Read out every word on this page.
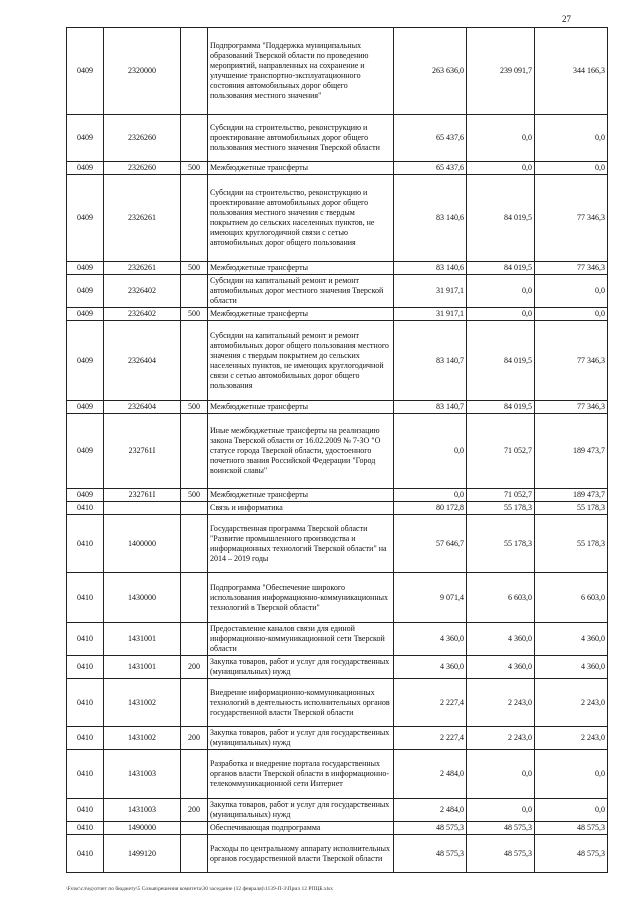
27
0409	2320000		Подпрограмма "Поддержка муниципальных образований Тверской области по проведению мероприятий, направленных на сохранение и улучшение транспортно-эксплуатационного состояния автомобильных дорог общего пользования местного значения"	263 636,0	239 091,7	344 166,3
0409	2326260		Субсидии на строительство, реконструкцию и проектирование автомобильных дорог общего пользования местного значения Тверской области	65 437,6	0,0	0,0
0409	2326260	500	Межбюджетные трансферты	65 437,6	0,0	0,0
0409	2326261		Субсидии на строительство, реконструкцию и проектирование автомобильных дорог общего пользования местного значения с твердым покрытием до сельских населенных пунктов, не имеющих круглогодичной связи с сетью автомобильных дорог общего пользования	83 140,6	84 019,5	77 346,3
0409	2326261	500	Межбюджетные трансферты	83 140,6	84 019,5	77 346,3
0409	2326402		Субсидии на капитальный ремонт и ремонт автомобильных дорог местного значения Тверской области	31 917,1	0,0	0,0
0409	2326402	500	Межбюджетные трансферты	31 917,1	0,0	0,0
0409	2326404		Субсидии на капитальный ремонт и ремонт автомобильных дорог общего пользования местного значения с твердым покрытием до сельских населенных пунктов, не имеющих круглогодичной связи с сетью автомобильных дорог общего пользования	83 140,7	84 019,5	77 346,3
0409	2326404	500	Межбюджетные трансферты	83 140,7	84 019,5	77 346,3
0409	232761I		Иные межбюджетные трансферты на реализацию закона Тверской области от 16.02.2009 № 7-ЗО "О статусе города Тверской области, удостоенного почетного звания Российской Федерации "Город воинской славы"	0,0	71 052,7	189 473,7
0409	232761I	500	Межбюджетные трансферты	0,0	71 052,7	189 473,7
0410			Связь и информатика	80 172,8	55 178,3	55 178,3
0410	1400000		Государственная программа Тверской области "Развитие промышленного производства и информационных технологий Тверской области" на 2014 – 2019 годы	57 646,7	55 178,3	55 178,3
0410	1430000		Подпрограмма "Обеспечение широкого использования информационно-коммуникационных технологий в Тверской области"	9 071,4	6 603,0	6 603,0
0410	1431001		Предоставление каналов связи для единой информационно-коммуникационной сети Тверской области	4 360,0	4 360,0	4 360,0
0410	1431001	200	Закупка товаров, работ и услуг для государственных (муниципальных) нужд	4 360,0	4 360,0	4 360,0
0410	1431002		Внедрение информационно-коммуникационных технологий в деятельность исполнительных органов государственной власти Тверской области	2 227,4	2 243,0	2 243,0
0410	1431002	200	Закупка товаров, работ и услуг для государственных (муниципальных) нужд	2 227,4	2 243,0	2 243,0
0410	1431003		Разработка и внедрение портала государственных органов власти Тверской области в информационно-телекоммуникационной сети Интернет	2 484,0	0,0	0,0
0410	1431003	200	Закупка товаров, работ и услуг для государственных (муниципальных) нужд	2 484,0	0,0	0,0
0410	1490000		Обеспечивающая подпрограмма	48 575,3	48 575,3	48 575,3
0410	1499120		Расходы по центральному аппарату исполнительных органов государственной власти Тверской области	48 575,3	48 575,3	48 575,3
\Fs\вс\сл\ед\отчет по бюджету\5 Созыв\решения комитета\30 заседание (12 февраля)\1139-П-3\Прил 12 РПЦБ.xlsx
